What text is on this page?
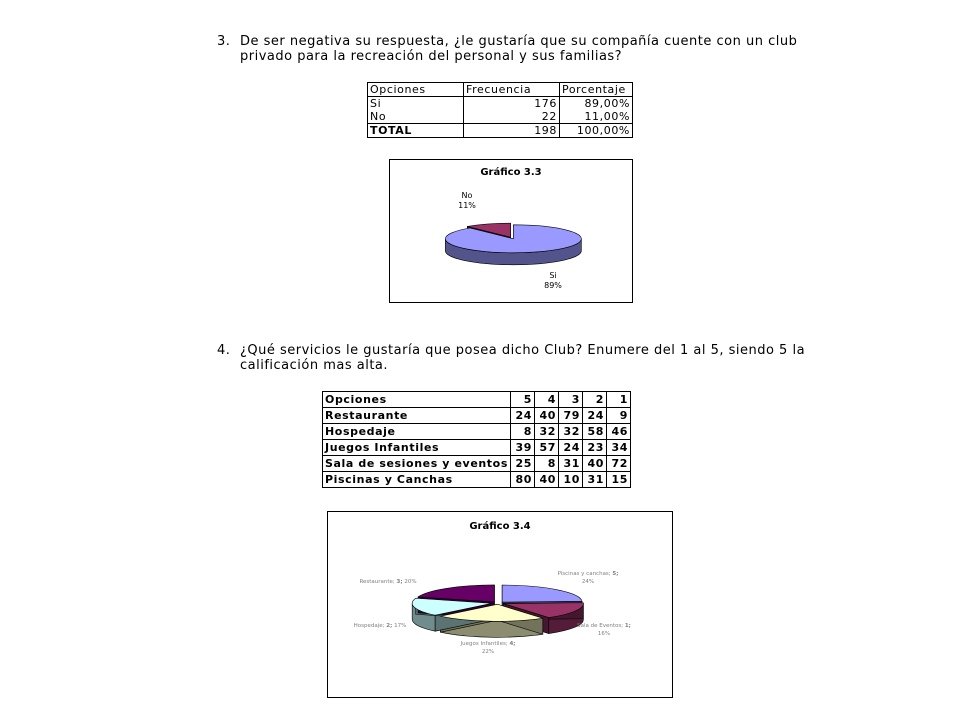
3. De ser negativa su respuesta, ¿le gustaría que su compañía cuente con un club
privado para la recreación del personal y sus familias?
Opciones	Frecuencia	Porcentaje
Si	176	89,00%
No	22	11,00%
TOTAL	198	100,00%
Gráfico 3.3
Si
89%
No
11%
4. ¿Qué servicios le gustaría que posea dicho Club? Enumere del 1 al 5, siendo 5 la
calificación mas alta.
Opciones	5	4	3	2	1
Restaurante	24	40	79	24	9
Hospedaje	8	32	32	58	46
Juegos Infantiles	39	57	24	23	34
Sala de sesiones y eventos	25	8	31	40	72
Piscinas y Canchas	80	40	10	31	15
Gráfico 3.4
Piscinas y canchas; 5;
24%
Sala de Eventos; 1;
16%
Juegos Infantiles; 4;
22%
Hospedaje; 2; 17%
Restaurante; 3; 20%
